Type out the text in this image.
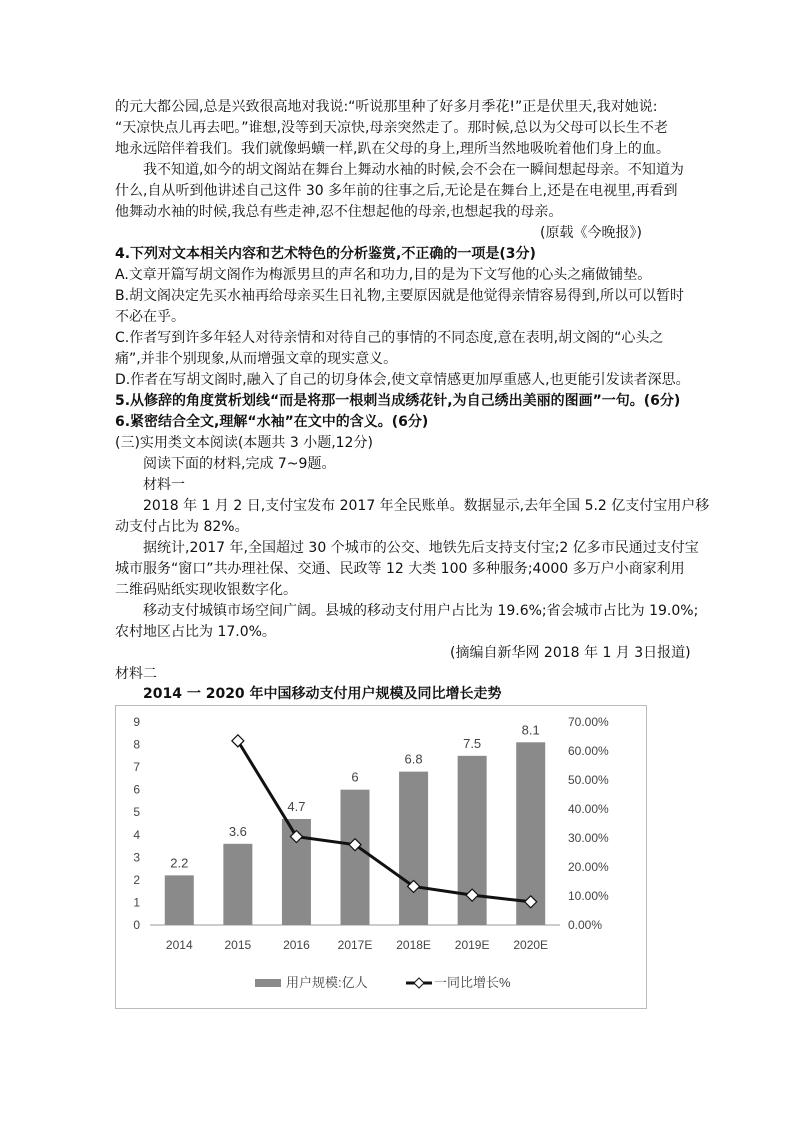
的元大都公园,总是兴致很高地对我说:“听说那里种了好多月季花!”正是伏里天,我对她说:
“天凉快点儿再去吧。”谁想,没等到天凉快,母亲突然走了。那时候,总以为父母可以长生不老
地永远陪伴着我们。我们就像蚂蟥一样,趴在父母的身上,理所当然地吸吮着他们身上的血。
我不知道,如今的胡文阁站在舞台上舞动水袖的时候,会不会在一瞬间想起母亲。不知道为
什么,自从听到他讲述自己这件 30 多年前的往事之后,无论是在舞台上,还是在电视里,再看到
他舞动水袖的时候,我总有些走神,忍不住想起他的母亲,也想起我的母亲。
(原载《今晚报》)
4.下列对文本相关内容和艺术特色的分析鉴赏,不正确的一项是(3分)
A.文章开篇写胡文阁作为梅派男旦的声名和功力,目的是为下文写他的心头之痛做铺垫。
B.胡文阁决定先买水袖再给母亲买生日礼物,主要原因就是他觉得亲情容易得到,所以可以暂时
不必在乎。
C.作者写到许多年轻人对待亲情和对待自己的事情的不同态度,意在表明,胡文阁的“心头之
痛”,并非个别现象,从而增强文章的现实意义。
D.作者在写胡文阁时,融入了自己的切身体会,使文章情感更加厚重感人,也更能引发读者深思。
5.从修辞的角度赏析划线“而是将那一根刺当成绣花针,为自己绣出美丽的图画”一句。(6分)
6.紧密结合全文,理解“水袖”在文中的含义。(6分)
(三)实用类文本阅读(本题共 3 小题,12分)
阅读下面的材料,完成 7~9题。
材料一
2018 年 1 月 2 日,支付宝发布 2017 年全民账单。数据显示,去年全国 5.2 亿支付宝用户移
动支付占比为 82%。
据统计,2017 年,全国超过 30 个城市的公交、地铁先后支持支付宝;2 亿多市民通过支付宝
城市服务“窗口”共办理社保、交通、民政等 12 大类 100 多种服务;4000 多万户小商家利用
二维码贴纸实现收银数字化。
移动支付城镇市场空间广阔。县城的移动支付用户占比为 19.6%;省会城市占比为 19.0%;
农村地区占比为 17.0%。
(摘编自新华网 2018 年 1 月 3日报道)
材料二
2014 一 2020 年中国移动支付用户规模及同比增长走势
0
1
2
3
4
5
6
7
8
9
0.00%
10.00%
20.00%
30.00%
40.00%
50.00%
60.00%
70.00%
2.2
3.6
4.7
6
6.8
7.5
8.1
2014	2015	2016 2017E 2018E 2019E 2020E
用户规模:亿人	一同比增长%
